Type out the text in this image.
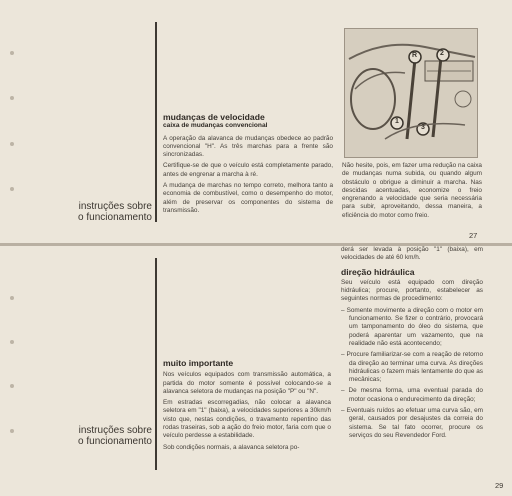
instruções sobre
o funcionamento
mudanças de velocidade
caixa de mudanças convencional

A operação da alavanca de mudanças obedece ao padrão convencional "H". As três marchas para a frente são sincronizadas.

Certifique-se de que o veículo está completamente parado, antes de engrenar a marcha à ré.

A mudança de marchas no tempo correto, melhora tanto a economia de combustível, como o desempenho do motor, além de preservar os componentes do sistema de transmissão.

R	2
1
3

Não hesite, pois, em fazer uma redução na caixa de mudanças numa subida, ou quando algum obstáculo o obrigue a diminuir a marcha. Nas descidas acentuadas, economize o freio engrenando a velocidade que seria necessária para subir, aproveitando, dessa maneira, a eficiência do motor como freio.

27
instruções sobre
o funcionamento
muito importante

Nos veículos equipados com transmissão automática, a partida do motor somente é possível colocando-se a alavanca seletora de mudanças na posição "P" ou "N".

Em estradas escorregadias, não colocar a alavanca seletora em "1" (baixa), a velocidades superiores a 30km/h visto que, nestas condições, o travamento repentino das rodas traseiras, sob a ação do freio motor, faria com que o veículo perdesse a estabilidade.

Sob condições normais, a alavanca seletora po-

derá ser levada à posição "1" (baixa), em velocidades de até 60 km/h.

direção hidráulica

Seu veículo está equipado com direção hidráulica; procure, portanto, estabelecer as seguintes normas de procedimento:

– Somente movimente a direção com o motor em funcionamento. Se fizer o contrário, provocará um tamponamento do óleo do sistema, que poderá aparentar um vazamento, que na realidade não está acontecendo;

– Procure familiarizar-se com a reação de retorno da direção ao terminar uma curva. As direções hidráulicas o fazem mais lentamente do que as mecânicas;

– De mesma forma, uma eventual parada do motor ocasiona o endurecimento da direção;

– Eventuais ruídos ao efetuar uma curva são, em geral, causados por desajustes da correia do sistema. Se tal fato ocorrer, procure os serviços do seu Revendedor Ford.

29
